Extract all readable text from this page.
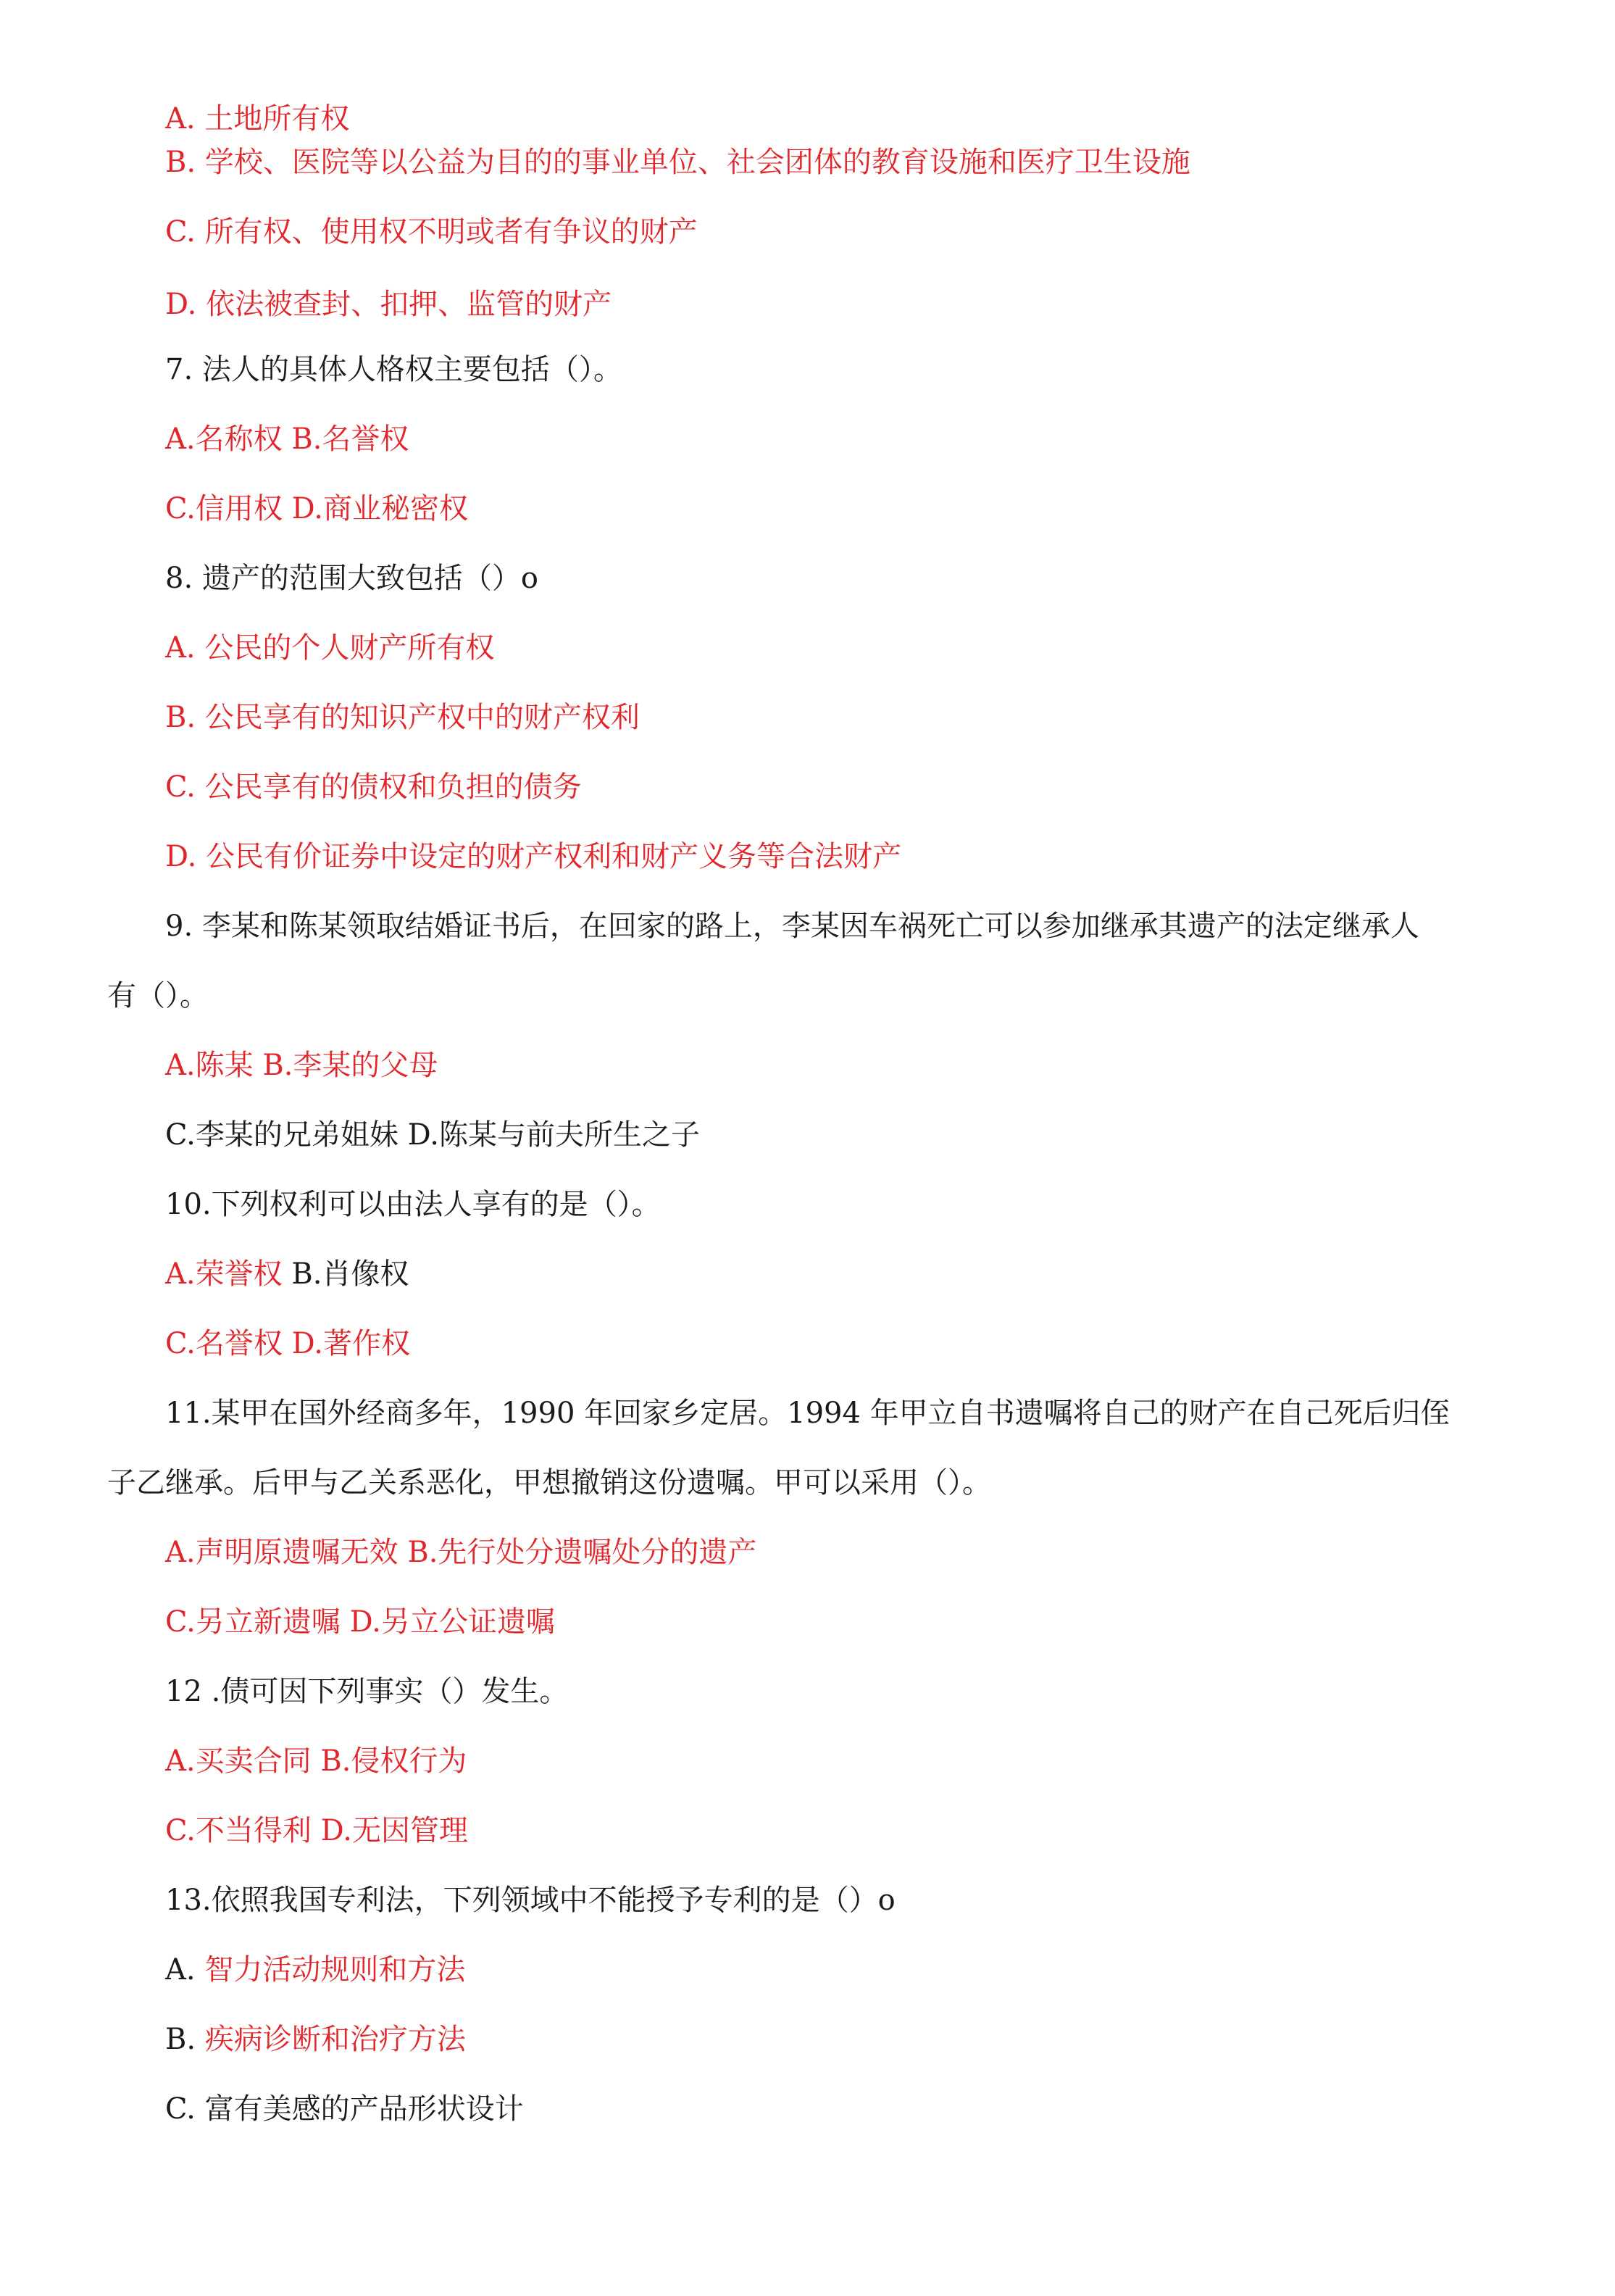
A. 土地所有权

B. 学校、医院等以公益为目的的事业单位、社会团体的教育设施和医疗卫生设施

C. 所有权、使用权不明或者有争议的财产

D. 依法被查封、扣押、监管的财产

7. 法人的具体人格权主要包括（）。

A.名称权 B.名誉权

C.信用权 D.商业秘密权

8. 遗产的范围大致包括（）o

A. 公民的个人财产所有权

B. 公民享有的知识产权中的财产权利

C. 公民享有的债权和负担的债务

D. 公民有价证券中设定的财产权利和财产义务等合法财产

9. 李某和陈某领取结婚证书后，在回家的路上，李某因车祸死亡可以参加继承其遗产的法定继承人

有（）。

A.陈某 B.李某的父母

C.李某的兄弟姐妹 D.陈某与前夫所生之子

10.下列权利可以由法人享有的是（）。

A.荣誉权 B.肖像权

C.名誉权 D.著作权

11.某甲在国外经商多年，1990 年回家乡定居。1994 年甲立自书遗嘱将自己的财产在自己死后归侄

子乙继承。后甲与乙关系恶化，甲想撤销这份遗嘱。甲可以采用（）。

A.声明原遗嘱无效 B.先行处分遗嘱处分的遗产

C.另立新遗嘱 D.另立公证遗嘱

12 .债可因下列事实（）发生。

A.买卖合同 B.侵权行为

C.不当得利 D.无因管理

13.依照我国专利法，下列领域中不能授予专利的是（）o

A. 智力活动规则和方法

B. 疾病诊断和治疗方法

C. 富有美感的产品形状设计
